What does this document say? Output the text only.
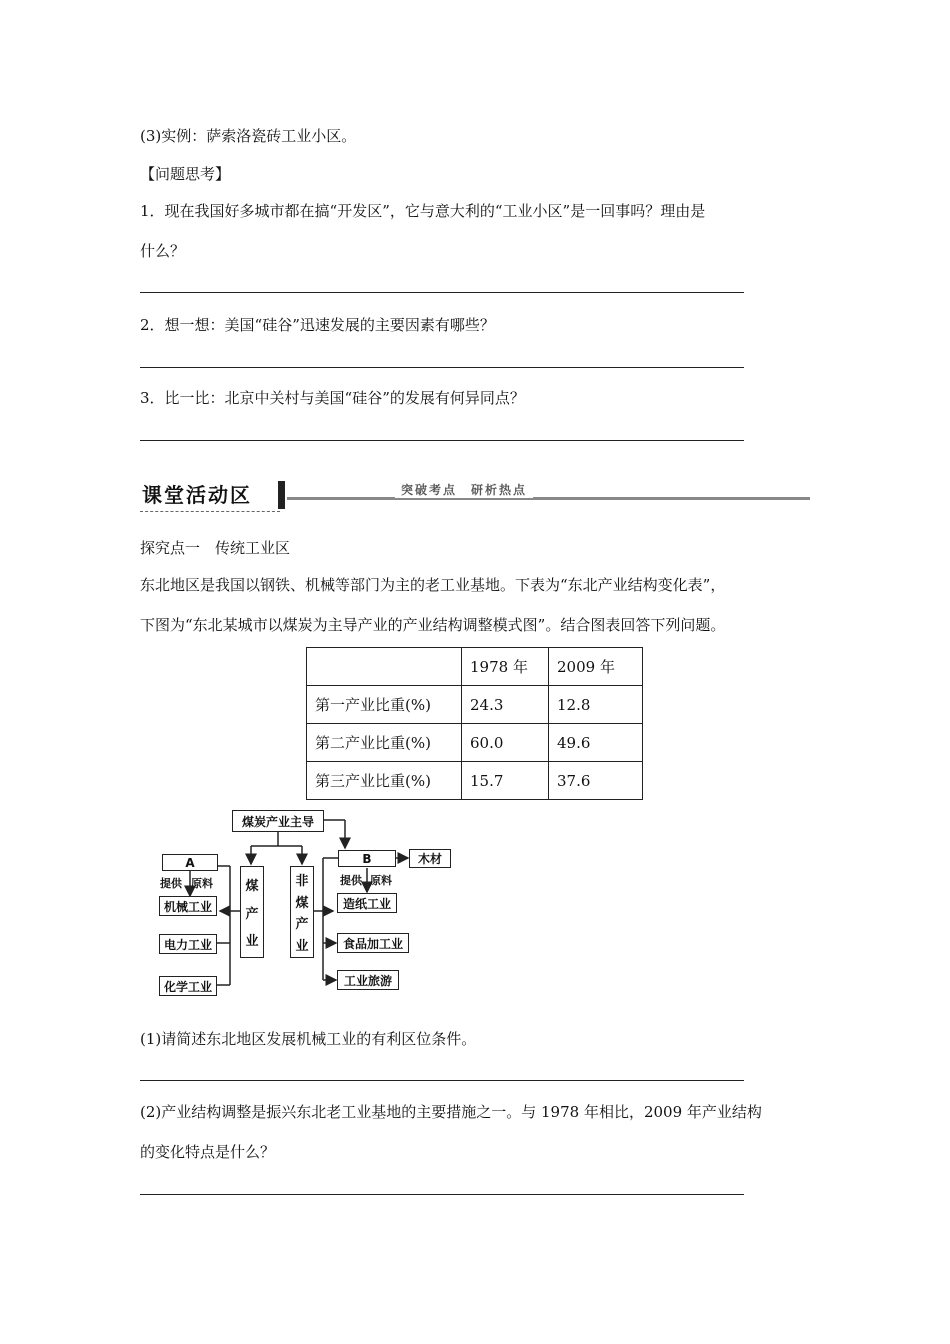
(3)实例：萨索洛瓷砖工业小区。
【问题思考】
1．现在我国好多城市都在搞“开发区”，它与意大利的“工业小区”是一回事吗？理由是
什么？
2．想一想：美国“硅谷”迅速发展的主要因素有哪些？
3．比一比：北京中关村与美国“硅谷”的发展有何异同点？
课堂活动区	突破考点　研析热点
探究点一　传统工业区
东北地区是我国以钢铁、机械等部门为主的老工业基地。下表为“东北产业结构变化表”，
下图为“东北某城市以煤炭为主导产业的产业结构调整模式图”。结合图表回答下列问题。
	1978 年	2009 年
第一产业比重(%)	24.3	12.8
第二产业比重(%)	60.0	49.6
第三产业比重(%)	15.7	37.6
煤炭产业主导
煤
产
业
非
煤
产
业
A
提供 原料
机械工业
电力工业
化学工业
B	木材
提供 原料
造纸工业
食品加工业
工业旅游
(1)请简述东北地区发展机械工业的有利区位条件。
(2)产业结构调整是振兴东北老工业基地的主要措施之一。与 1978 年相比，2009 年产业结构
的变化特点是什么？
